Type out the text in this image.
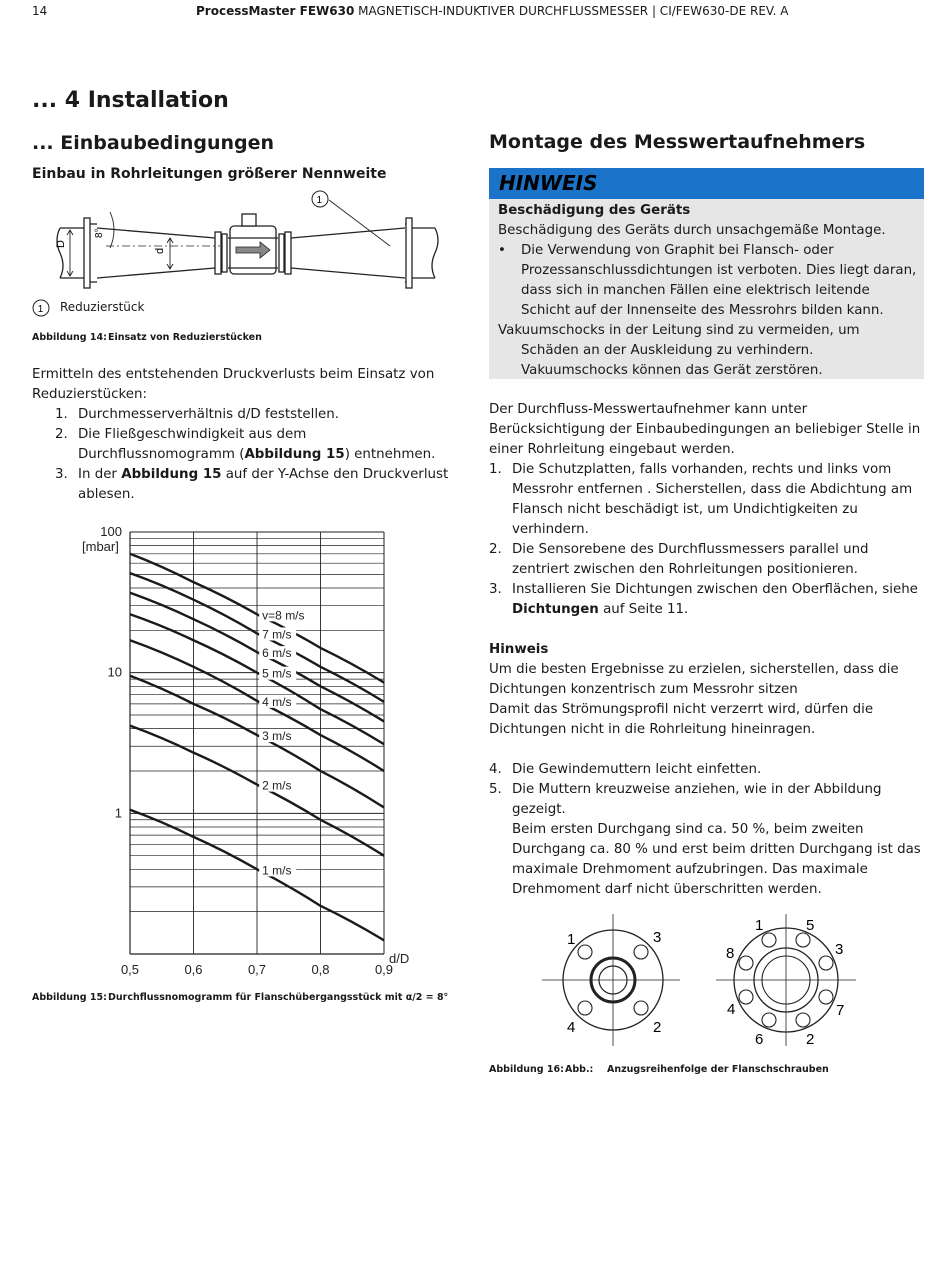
14	ProcessMaster FEW630 MAGNETISCH-INDUKTIVER DURCHFLUSSMESSER | CI/FEW630-DE REV. A
... 4 Installation
... Einbaubedingungen
Einbau in Rohrleitungen größerer Nennweite
D
d
8°
1
1 Reduzierstück
Abbildung 14:Einsatz von Reduzierstücken
Ermitteln des entstehenden Druckverlusts beim Einsatz von Reduzierstücken:
1. Durchmesserverhältnis d/D feststellen.
2. Die Fließgeschwindigkeit aus dem Durchflussnomogramm (Abbildung 15) entnehmen.
3. In der Abbildung 15 auf der Y-Achse den Druckverlust ablesen.
v=8 m/s
7 m/s
6 m/s
5 m/s
4 m/s
3 m/s
2 m/s
1 m/s
0,5	0,6	0,7	0,8	0,9
100
10
1
[mbar]
d/D
Abbildung 15:Durchflussnomogramm für Flanschübergangsstück mit α/2 = 8°
Montage des Messwertaufnehmers
HINWEIS
Beschädigung des Geräts
Beschädigung des Geräts durch unsachgemäße Montage.
• Die Verwendung von Graphit bei Flansch- oder Prozessanschlussdichtungen ist verboten. Dies liegt daran, dass sich in manchen Fällen eine elektrisch leitende Schicht auf der Innenseite des Messrohrs bilden kann.
Vakuumschocks in der Leitung sind zu vermeiden, um Schäden an der Auskleidung zu verhindern. Vakuumschocks können das Gerät zerstören.
Der Durchfluss-Messwertaufnehmer kann unter Berücksichtigung der Einbaubedingungen an beliebiger Stelle in einer Rohrleitung eingebaut werden.
1. Die Schutzplatten, falls vorhanden, rechts und links vom Messrohr entfernen . Sicherstellen, dass die Abdichtung am Flansch nicht beschädigt ist, um Undichtigkeiten zu verhindern.
2. Die Sensorebene des Durchflussmessers parallel und zentriert zwischen den Rohrleitungen positionieren.
3. Installieren Sie Dichtungen zwischen den Oberflächen, siehe Dichtungen auf Seite 11.
Hinweis
Um die besten Ergebnisse zu erzielen, sicherstellen, dass die Dichtungen konzentrisch zum Messrohr sitzen
Damit das Strömungsprofil nicht verzerrt wird, dürfen die Dichtungen nicht in die Rohrleitung hineinragen.
4. Die Gewindemuttern leicht einfetten.
5. Die Muttern kreuzweise anziehen, wie in der Abbildung gezeigt.
Beim ersten Durchgang sind ca. 50 %, beim zweiten Durchgang ca. 80 % und erst beim dritten Durchgang ist das maximale Drehmoment aufzubringen. Das maximale Drehmoment darf nicht überschritten werden.
1
2
3
4
1
2
3
4
5
6
7
8
Abbildung 16:Abb.: Anzugsreihenfolge der Flanschschrauben
